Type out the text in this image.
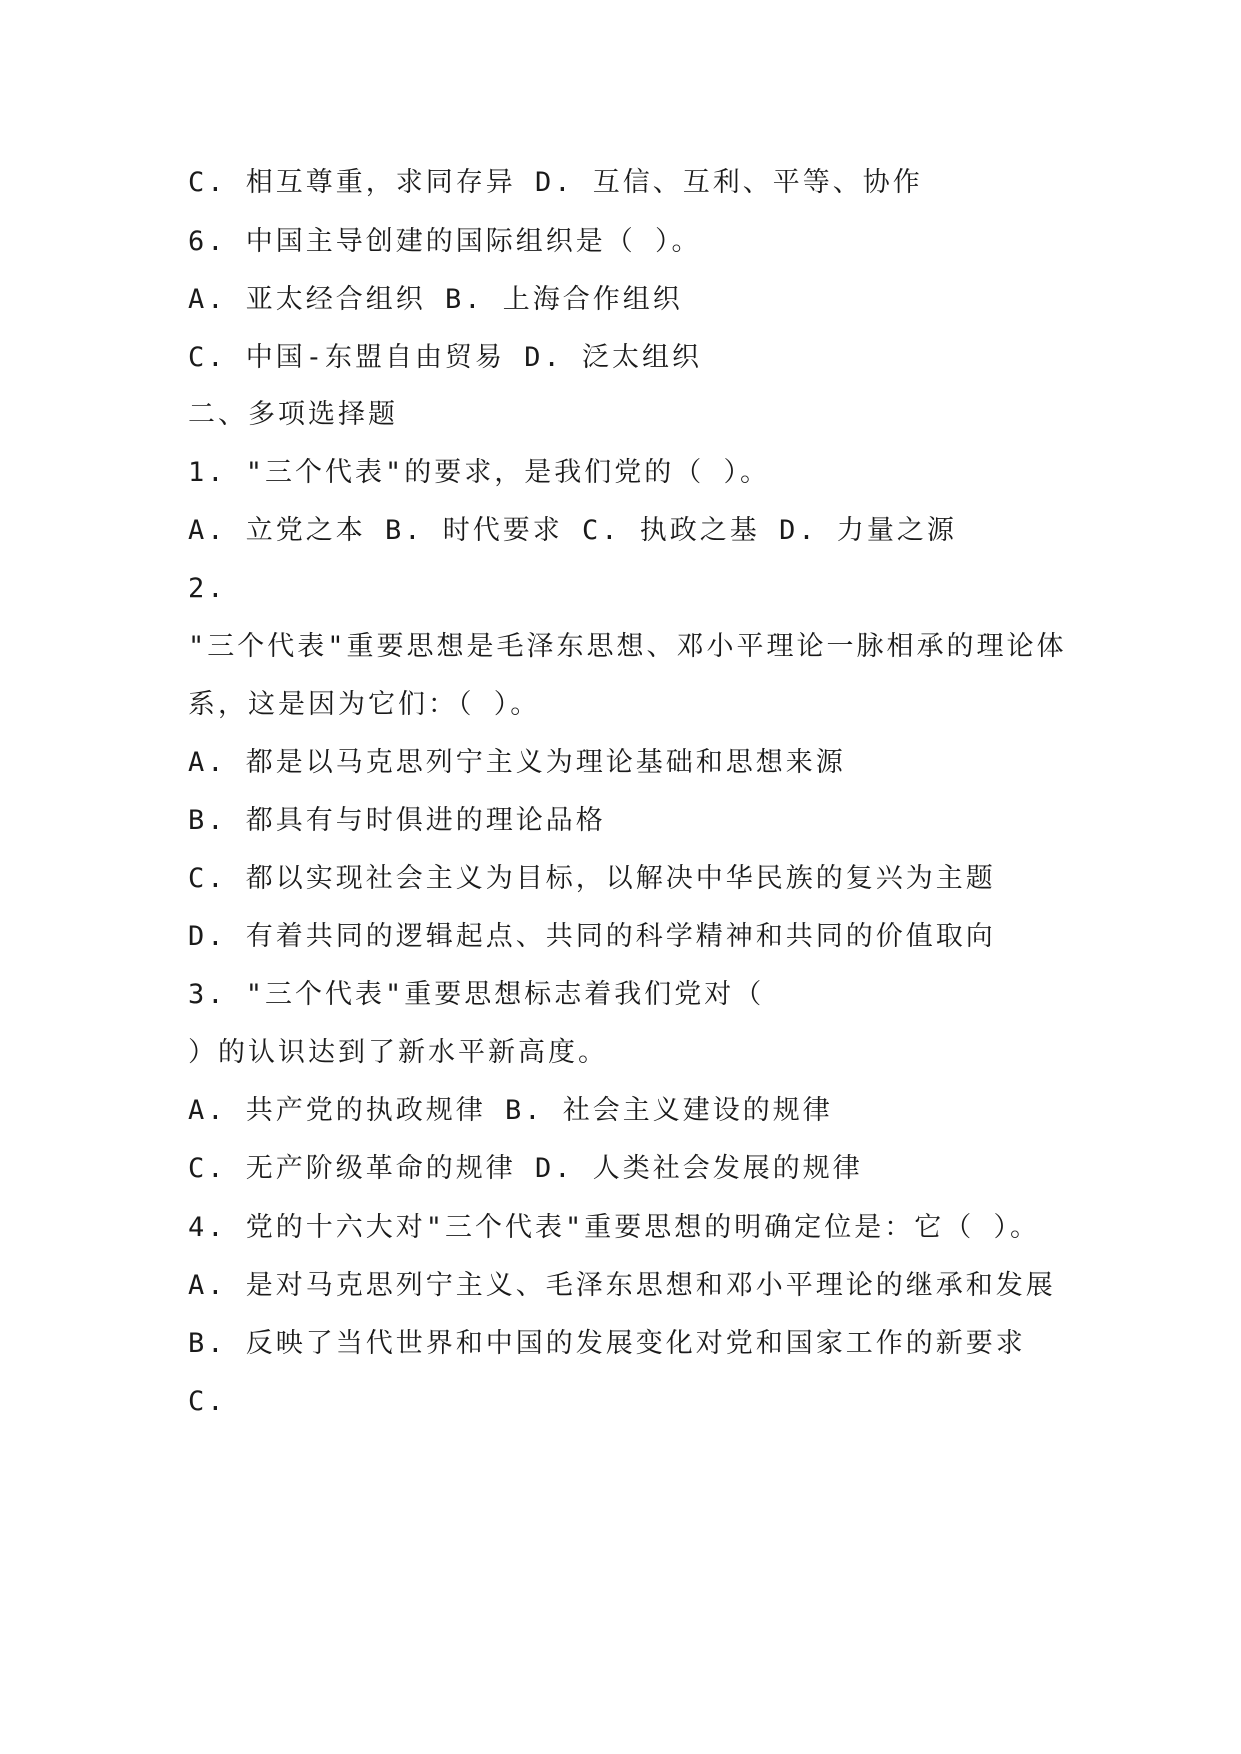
C. 相互尊重，求同存异 D. 互信、互利、平等、协作
6. 中国主导创建的国际组织是（ ）。
A. 亚太经合组织 B. 上海合作组织
C. 中国-东盟自由贸易 D. 泛太组织
二、多项选择题
1. "三个代表"的要求，是我们党的（ ）。
A. 立党之本 B. 时代要求 C. 执政之基 D. 力量之源
2.
"三个代表"重要思想是毛泽东思想、邓小平理论一脉相承的理论体
系，这是因为它们：（ ）。
A. 都是以马克思列宁主义为理论基础和思想来源
B. 都具有与时俱进的理论品格
C. 都以实现社会主义为目标，以解决中华民族的复兴为主题
D. 有着共同的逻辑起点、共同的科学精神和共同的价值取向
3. "三个代表"重要思想标志着我们党对（
）的认识达到了新水平新高度。
A. 共产党的执政规律 B. 社会主义建设的规律
C. 无产阶级革命的规律 D. 人类社会发展的规律
4. 党的十六大对"三个代表"重要思想的明确定位是：它（ ）。
A. 是对马克思列宁主义、毛泽东思想和邓小平理论的继承和发展
B. 反映了当代世界和中国的发展变化对党和国家工作的新要求
C.
